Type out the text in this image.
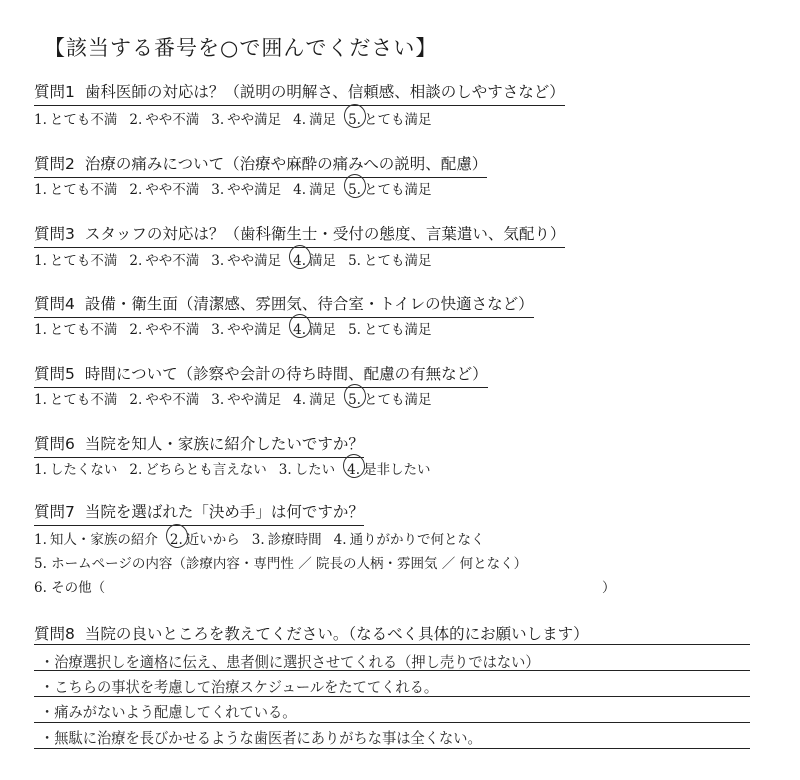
【該当する番号を○で囲んでください】
質問1 歯科医師の対応は？（説明の明解さ、信頼感、相談のしやすさなど）
1. とても不満 2. やや不満 3. やや満足 4. 満足 5. とても満足
質問2 治療の痛みについて（治療や麻酔の痛みへの説明、配慮）
1. とても不満 2. やや不満 3. やや満足 4. 満足 5. とても満足
質問3 スタッフの対応は？（歯科衛生士・受付の態度、言葉遣い、気配り）
1. とても不満 2. やや不満 3. やや満足 4. 満足 5. とても満足
質問4 設備・衛生面（清潔感、雰囲気、待合室・トイレの快適さなど）
1. とても不満 2. やや不満 3. やや満足 4. 満足 5. とても満足
質問5 時間について（診察や会計の待ち時間、配慮の有無など）
1. とても不満 2. やや不満 3. やや満足 4. 満足 5. とても満足
質問6 当院を知人・家族に紹介したいですか？
1. したくない 2. どちらとも言えない 3. したい 4. 是非したい
質問7 当院を選ばれた「決め手」は何ですか？
1. 知人・家族の紹介 2. 近いから 3. 診療時間 4. 通りがかりで何となく
5. ホームページの内容（診療内容・専門性 ／ 院長の人柄・雰囲気 ／ 何となく）
6. その他（	）
質問8 当院の良いところを教えてください。（なるべく具体的にお願いします）
・治療選択しを適格に伝え、患者側に選択させてくれる（押し売りではない）
・こちらの事状を考慮して治療スケジュールをたててくれる。
・痛みがないよう配慮してくれている。
・無駄に治療を長びかせるような歯医者にありがちな事は全くない。
